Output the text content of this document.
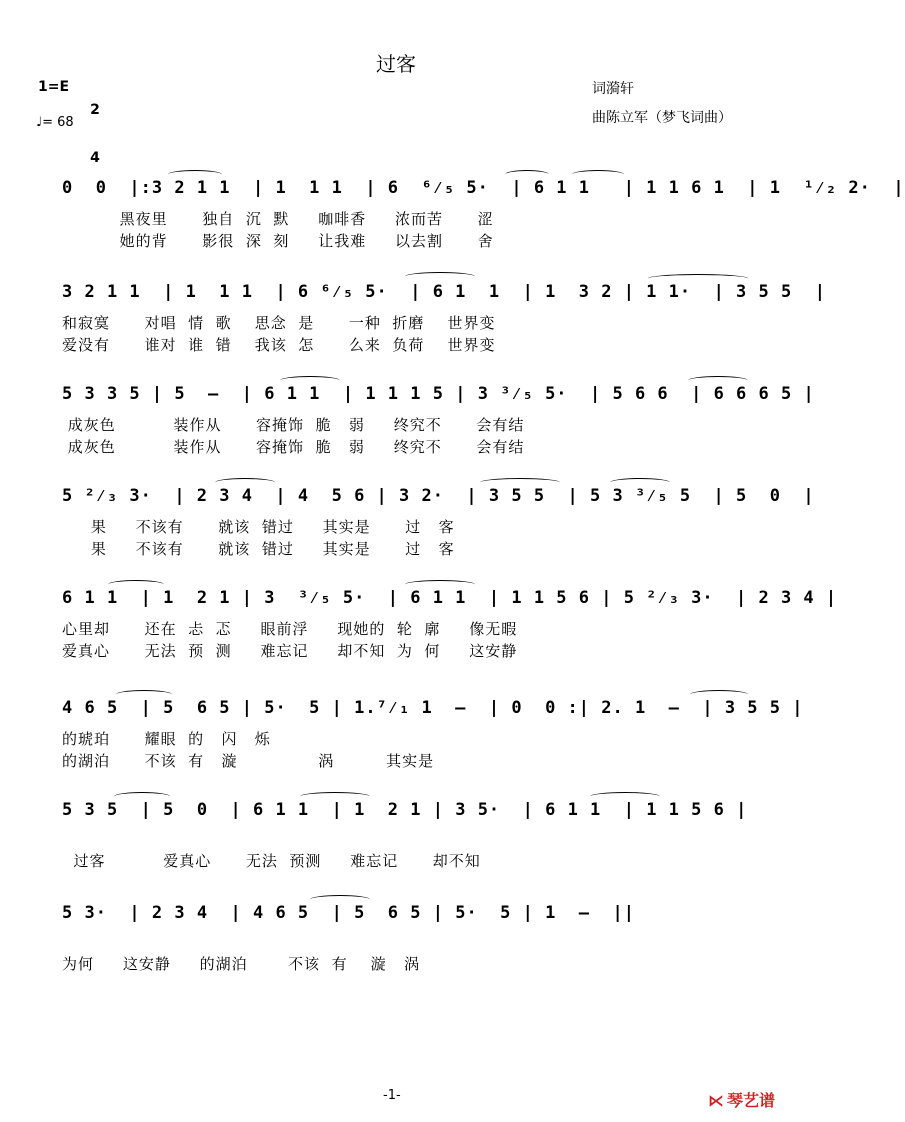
过客
1=E

2

4

♩= 68
词漪轩
曲陈立军（梦飞词曲）
0  0  |:3 2 1 1  | 1  1 1  | 6  ⁶⁄₅ 5·  | 6 1 1   | 1 1 6 1  | 1  ¹⁄₂ 2·  |
黑夜里      独自  沉  默     咖啡香     浓而苦      涩
她的背      影很  深  刻     让我难     以去割      舍
3 2 1 1  | 1  1 1  | 6 ⁶⁄₅ 5·  | 6 1  1  | 1  3 2 | 1 1·  | 3 5 5  |
和寂寞      对唱  情  歌    思念  是      一种  折磨    世界变
爱没有      谁对  谁  错    我该  怎      么来  负荷    世界变
5 3 3 5 | 5  –  | 6 1 1  | 1 1 1 5 | 3 ³⁄₅ 5·  | 5 6 6  | 6 6 6 5 |
成灰色          装作从      容掩饰  脆   弱     终究不      会有结
成灰色          装作从      容掩饰  脆   弱     终究不      会有结
5 ²⁄₃ 3·  | 2 3 4  | 4  5 6 | 3 2·  | 3 5 5  | 5 3 ³⁄₅ 5  | 5  0  |
果     不该有      就该  错过     其实是      过   客
果     不该有      就该  错过     其实是      过   客
6 1 1  | 1  2 1 | 3  ³⁄₅ 5·  | 6 1 1  | 1 1 5 6 | 5 ²⁄₃ 3·  | 2 3 4 |
心里却      还在  忐  忑     眼前浮     现她的  轮  廓     像无暇
爱真心      无法  预  测     难忘记     却不知  为  何     这安静
4 6 5  | 5  6 5 | 5·  5 | 1.⁷⁄₁ 1  –  | 0  0 :| 2. 1  –  | 3 5 5 |
的琥珀      耀眼  的   闪   烁
的湖泊      不该  有   漩              涡         其实是
5 3 5  | 5  0  | 6 1 1  | 1  2 1 | 3 5·  | 6 1 1  | 1 1 5 6 |
过客          爱真心      无法  预测     难忘记      却不知
5 3·  | 2 3 4  | 4 6 5  | 5  6 5 | 5·  5 | 1  –  ||
为何     这安静     的湖泊       不该  有    漩   涡
-1-	⋉ 琴艺谱
